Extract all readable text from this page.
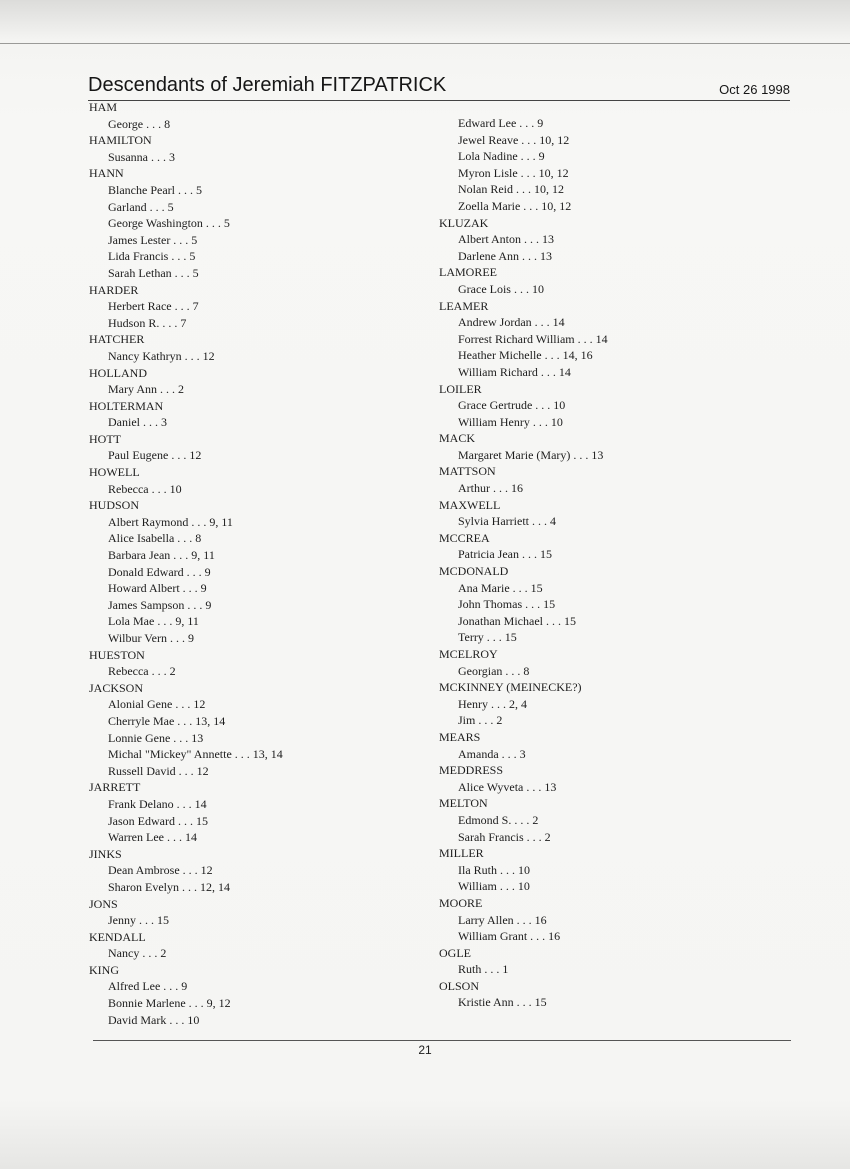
Descendants of Jeremiah FITZPATRICK	Oct 26 1998
HAM
George . . . 8
HAMILTON
Susanna . . . 3
HANN
Blanche Pearl . . . 5
Garland . . . 5
George Washington . . . 5
James Lester . . . 5
Lida Francis . . . 5
Sarah Lethan . . . 5
HARDER
Herbert Race . . . 7
Hudson R. . . . 7
HATCHER
Nancy Kathryn . . . 12
HOLLAND
Mary Ann . . . 2
HOLTERMAN
Daniel . . . 3
HOTT
Paul Eugene . . . 12
HOWELL
Rebecca . . . 10
HUDSON
Albert Raymond . . . 9, 11
Alice Isabella . . . 8
Barbara Jean . . . 9, 11
Donald Edward . . . 9
Howard Albert . . . 9
James Sampson . . . 9
Lola Mae . . . 9, 11
Wilbur Vern . . . 9
HUESTON
Rebecca . . . 2
JACKSON
Alonial Gene . . . 12
Cherryle Mae . . . 13, 14
Lonnie Gene . . . 13
Michal "Mickey" Annette . . . 13, 14
Russell David . . . 12
JARRETT
Frank Delano . . . 14
Jason Edward . . . 15
Warren Lee . . . 14
JINKS
Dean Ambrose . . . 12
Sharon Evelyn . . . 12, 14
JONS
Jenny . . . 15
KENDALL
Nancy . . . 2
KING
Alfred Lee . . . 9
Bonnie Marlene . . . 9, 12
David Mark . . . 10
Edward Lee . . . 9
Jewel Reave . . . 10, 12
Lola Nadine . . . 9
Myron Lisle . . . 10, 12
Nolan Reid . . . 10, 12
Zoella Marie . . . 10, 12
KLUZAK
Albert Anton . . . 13
Darlene Ann . . . 13
LAMOREE
Grace Lois . . . 10
LEAMER
Andrew Jordan . . . 14
Forrest Richard William . . . 14
Heather Michelle . . . 14, 16
William Richard . . . 14
LOILER
Grace Gertrude . . . 10
William Henry . . . 10
MACK
Margaret Marie (Mary) . . . 13
MATTSON
Arthur . . . 16
MAXWELL
Sylvia Harriett . . . 4
MCCREA
Patricia Jean . . . 15
MCDONALD
Ana Marie . . . 15
John Thomas . . . 15
Jonathan Michael . . . 15
Terry . . . 15
MCELROY
Georgian . . . 8
MCKINNEY (MEINECKE?)
Henry . . . 2, 4
Jim . . . 2
MEARS
Amanda . . . 3
MEDDRESS
Alice Wyveta . . . 13
MELTON
Edmond S. . . . 2
Sarah Francis . . . 2
MILLER
Ila Ruth . . . 10
William . . . 10
MOORE
Larry Allen . . . 16
William Grant . . . 16
OGLE
Ruth . . . 1
OLSON
Kristie Ann . . . 15
21
